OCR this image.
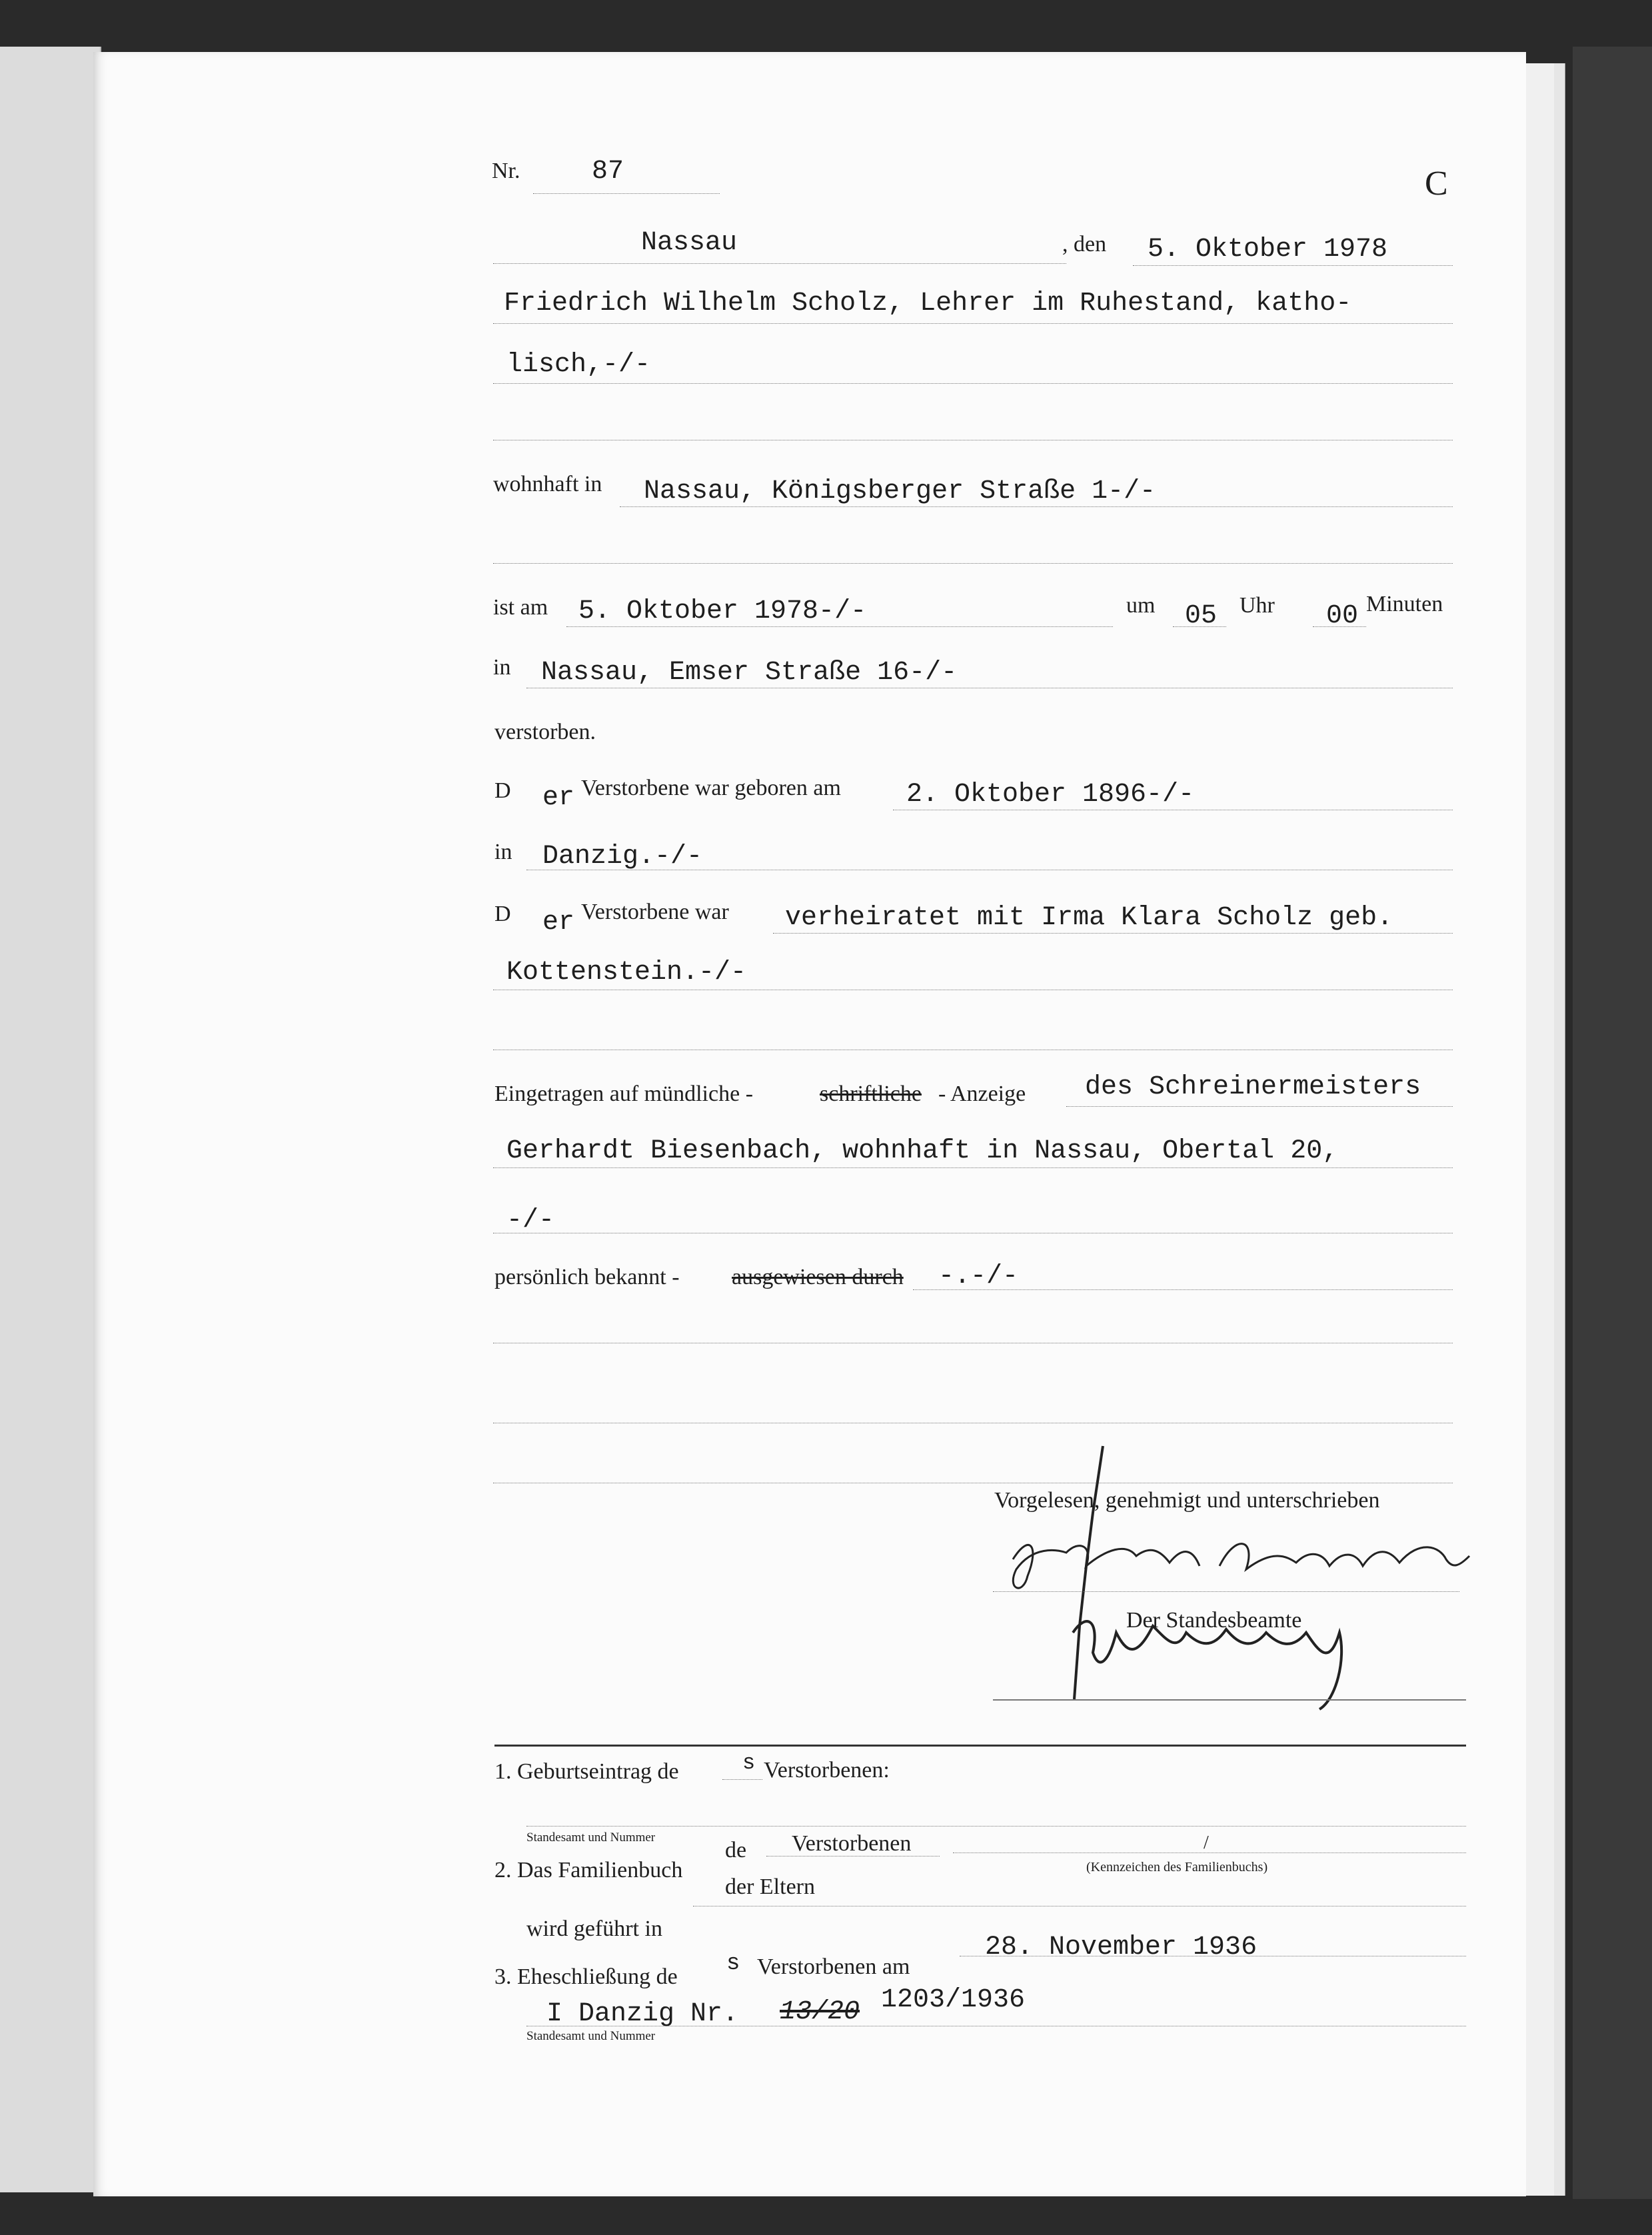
Nr.	87	C
Nassau	, den 5. Oktober 1978
Friedrich Wilhelm Scholz, Lehrer im Ruhestand, katho-
lisch,-/-
wohnhaft in Nassau, Königsberger Straße 1-/-
ist am 5. Oktober 1978-/-	um 05 Uhr 00 Minuten
in Nassau, Emser Straße 16-/-
verstorben.
D er Verstorbene war geboren am 2. Oktober 1896-/-
in Danzig.-/-
D er Verstorbene war verheiratet mit Irma Klara Scholz geb.
Kottenstein.-/-
Eingetragen auf mündliche -	schriftliche - Anzeige des Schreinermeisters
Gerhardt Biesenbach, wohnhaft in Nassau, Obertal 20,
-/-
persönlich bekannt - ausgewiesen durch -.-/-
Vorgelesen, genehmigt und unterschrieben
Der Standesbeamte
1. Geburtseintrag de	s Verstorbenen:
Standesamt und Nummer
2. Das Familienbuch
de Verstorbenen
der Eltern
/
(Kennzeichen des Familienbuchs)
wird geführt in
3. Eheschließung de
s Verstorbenen am
28. November 1936
I Danzig Nr. 13/20 1203/1936
Standesamt und Nummer
